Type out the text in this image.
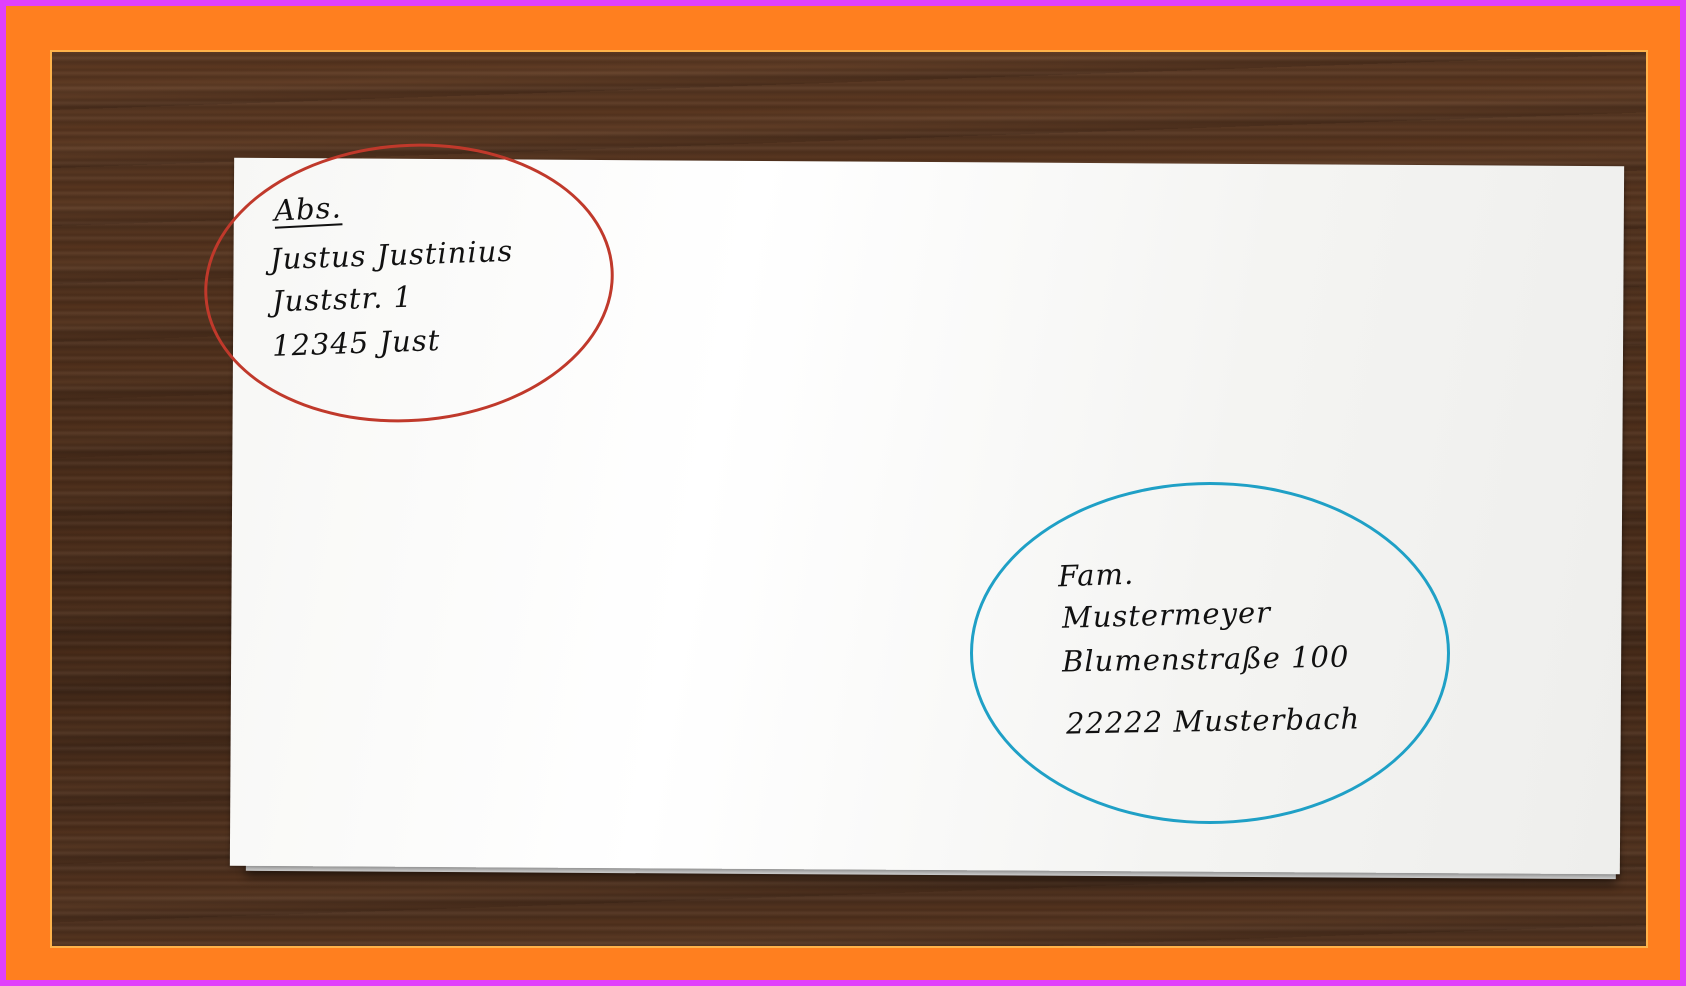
Abs.
Justus Justinius
Juststr. 1
12345 Just
Fam.
Mustermeyer
Blumenstraße 100
22222 Musterbach
